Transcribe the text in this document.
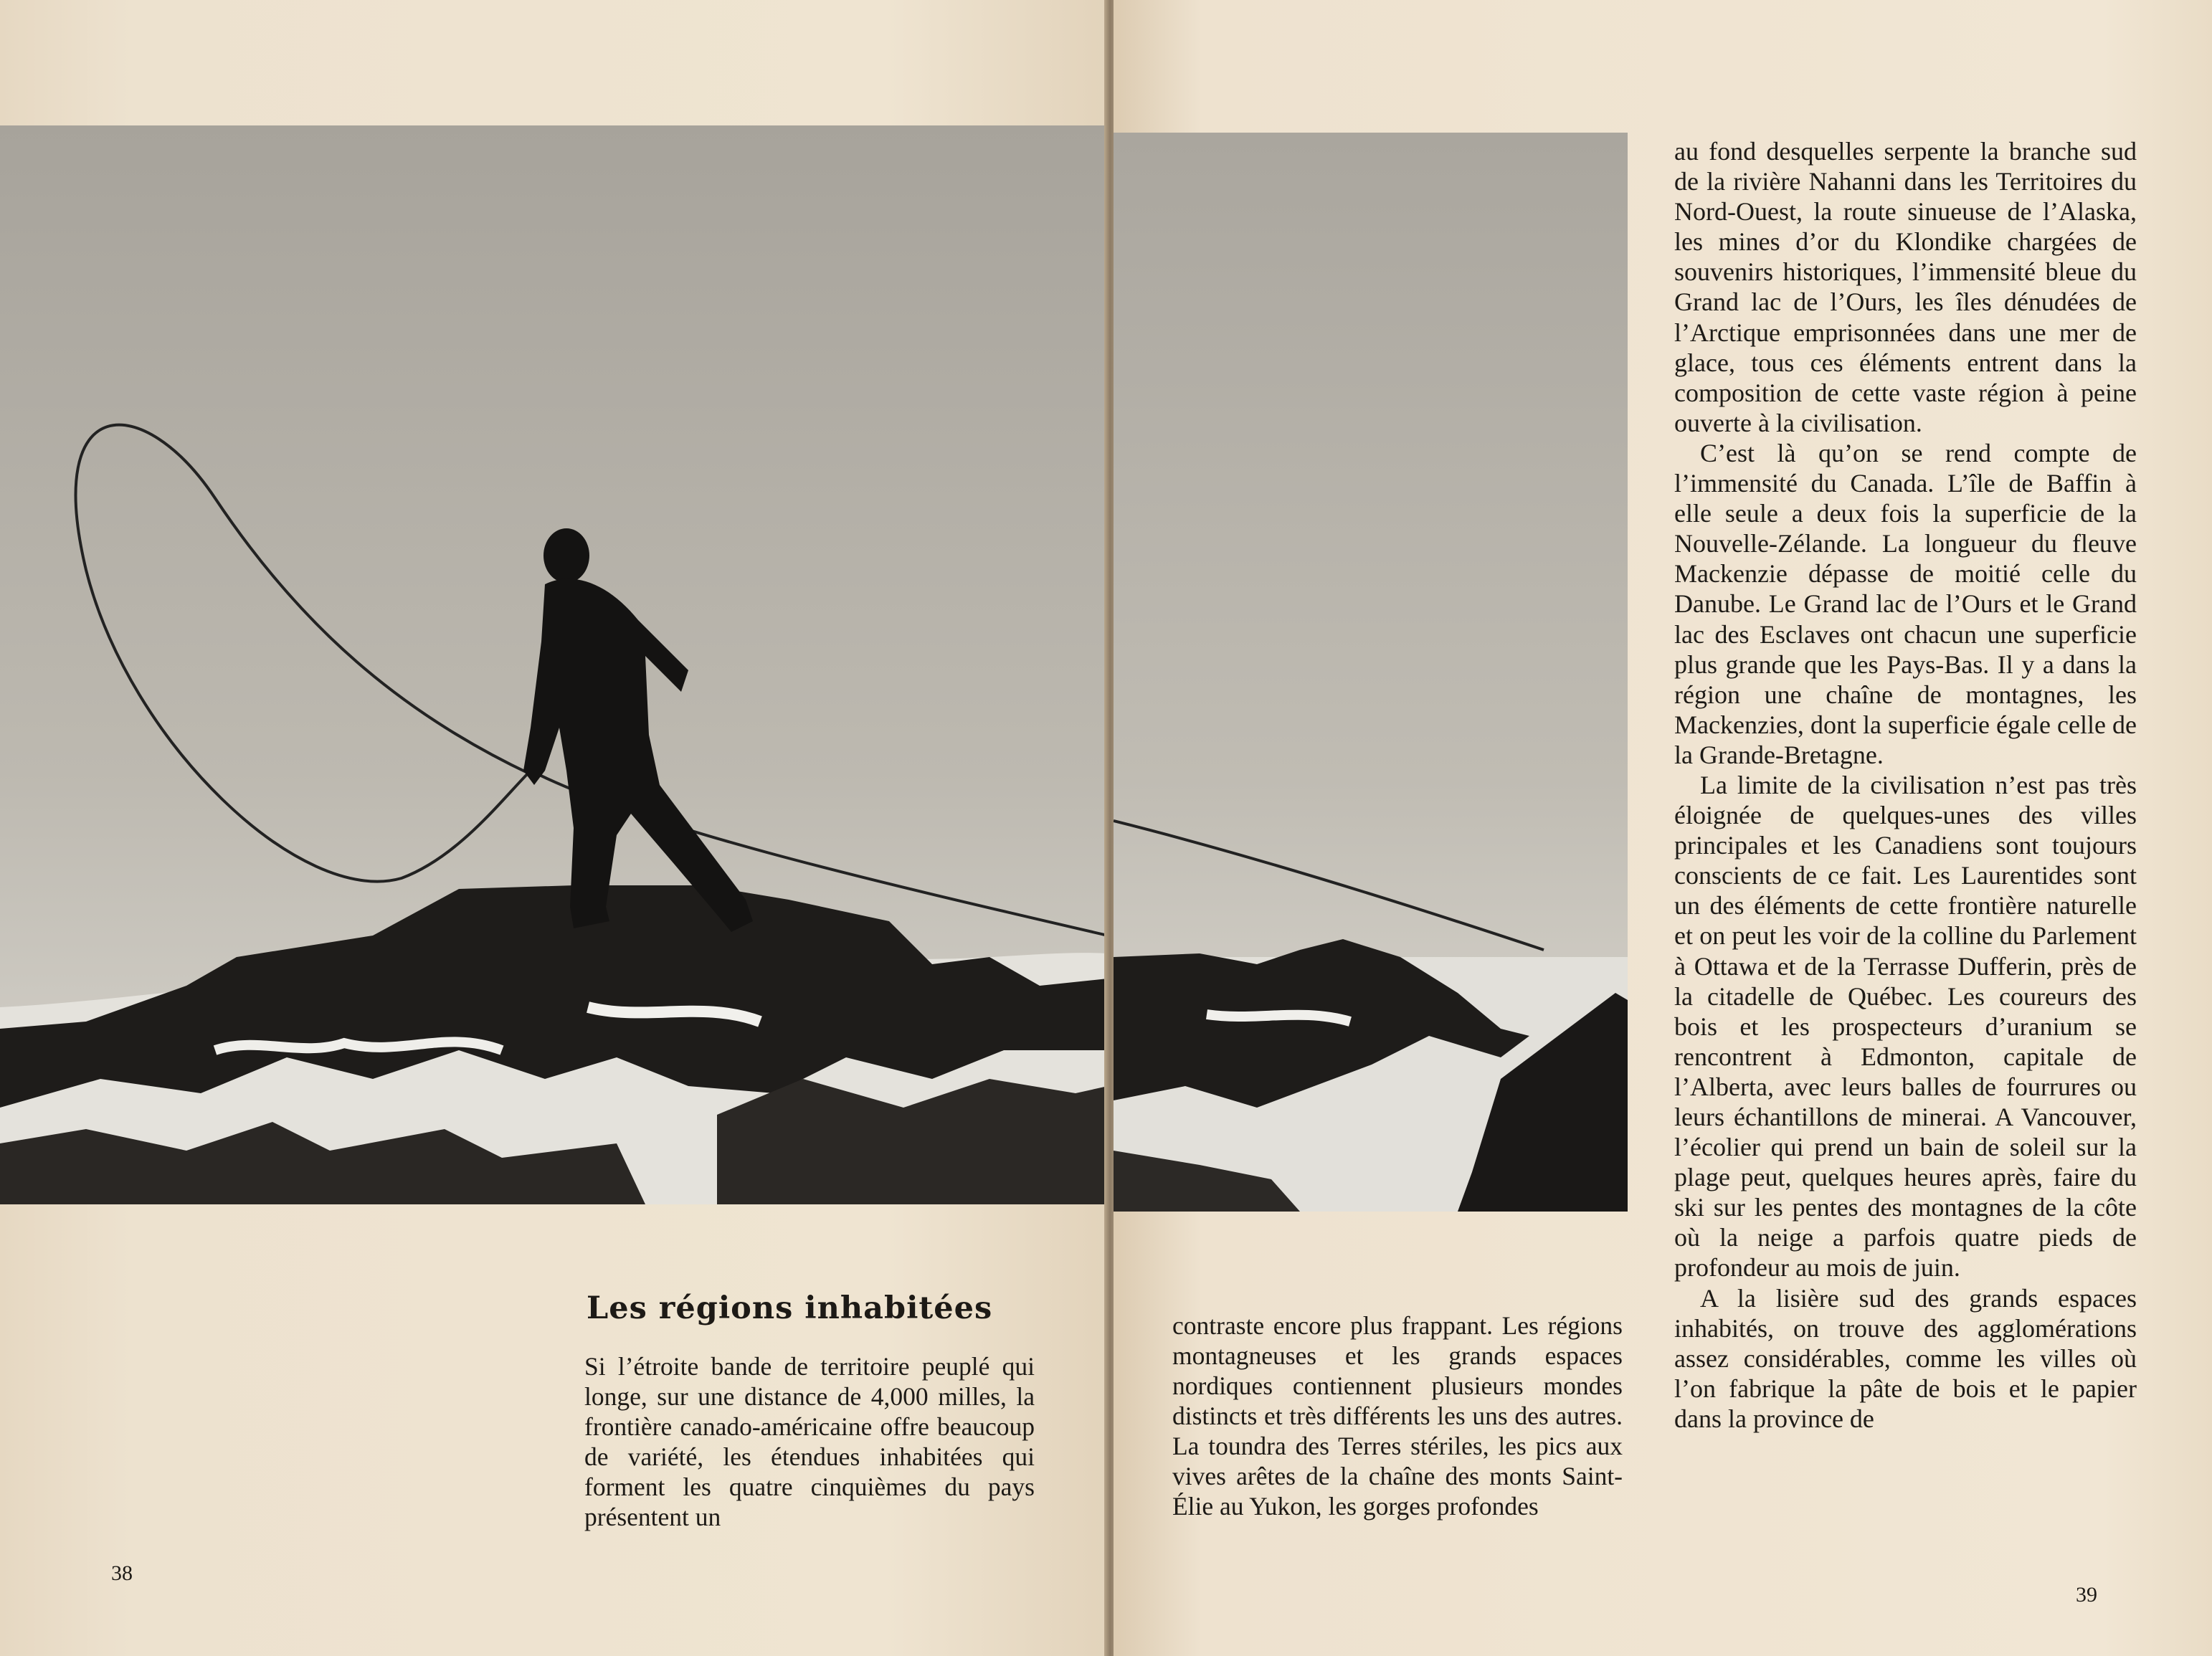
Les régions inhabitées

Si l’étroite bande de territoire peuplé qui longe, sur une distance de 4,000 milles, la frontière canado-américaine offre beaucoup de variété, les étendues inhabitées qui forment les quatre cinquièmes du pays présentent un

38

contraste encore plus frappant. Les régions montagneuses et les grands espaces nordiques contiennent plusieurs mondes distincts et très différents les uns des autres. La toundra des Terres stériles, les pics aux vives arêtes de la chaîne des monts Saint-Élie au Yukon, les gorges profondes

au fond desquelles serpente la branche sud de la rivière Nahanni dans les Territoires du Nord-Ouest, la route sinueuse de l’Alaska, les mines d’or du Klondike chargées de souvenirs historiques, l’immensité bleue du Grand lac de l’Ours, les îles dénudées de l’Arctique emprisonnées dans une mer de glace, tous ces éléments entrent dans la composition de cette vaste région à peine ouverte à la civilisation.

C’est là qu’on se rend compte de l’immensité du Canada. L’île de Baffin à elle seule a deux fois la superficie de la Nouvelle-Zélande. La longueur du fleuve Mackenzie dépasse de moitié celle du Danube. Le Grand lac de l’Ours et le Grand lac des Esclaves ont chacun une superficie plus grande que les Pays-Bas. Il y a dans la région une chaîne de montagnes, les Mackenzies, dont la superficie égale celle de la Grande-Bretagne.

La limite de la civilisation n’est pas très éloignée de quelques-unes des villes principales et les Canadiens sont toujours conscients de ce fait. Les Laurentides sont un des éléments de cette frontière naturelle et on peut les voir de la colline du Parlement à Ottawa et de la Terrasse Dufferin, près de la citadelle de Québec. Les coureurs des bois et les prospecteurs d’uranium se rencontrent à Edmonton, capitale de l’Alberta, avec leurs balles de fourrures ou leurs échantillons de minerai. A Vancouver, l’écolier qui prend un bain de soleil sur la plage peut, quelques heures après, faire du ski sur les pentes des montagnes de la côte où la neige a parfois quatre pieds de profondeur au mois de juin.

A la lisière sud des grands espaces inhabités, on trouve des agglomérations assez considérables, comme les villes où l’on fabrique la pâte de bois et le papier dans la province de

39
